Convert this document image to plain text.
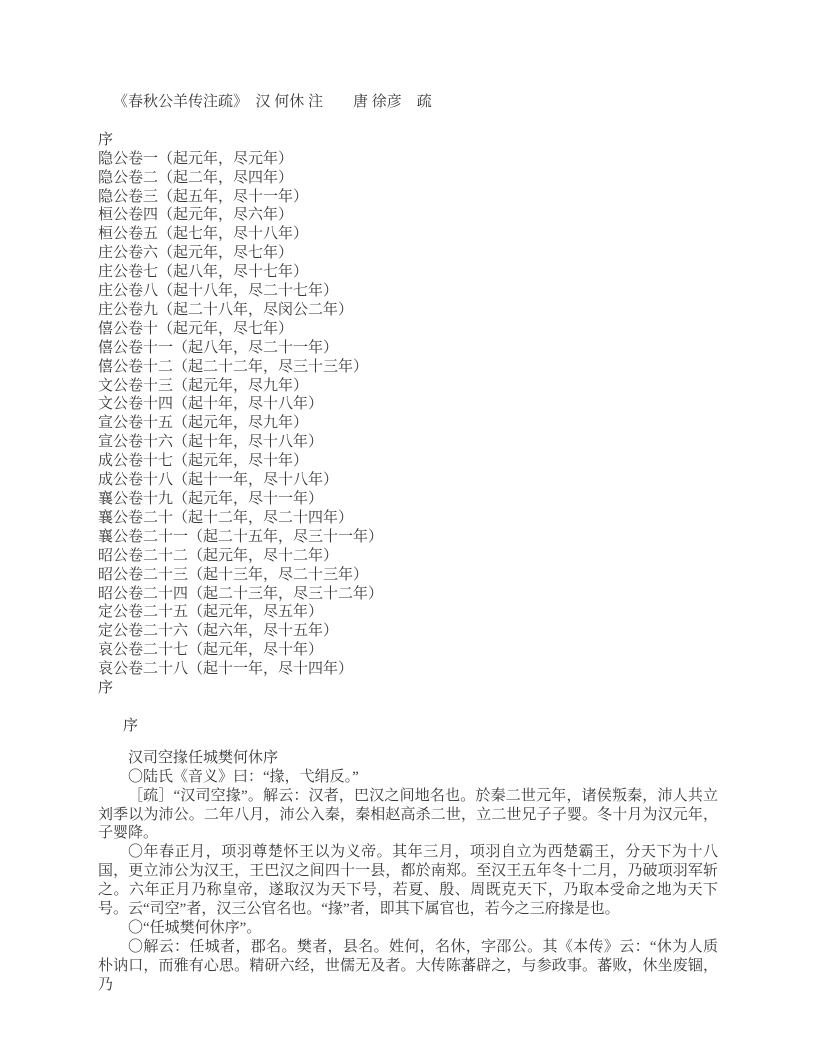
《春秋公羊传注疏》　汉 何休 注　　唐 徐彦　疏
序
隐公卷一（起元年，尽元年）
隐公卷二（起二年，尽四年）
隐公卷三（起五年，尽十一年）
桓公卷四（起元年，尽六年）
桓公卷五（起七年，尽十八年）
庄公卷六（起元年，尽七年）
庄公卷七（起八年，尽十七年）
庄公卷八（起十八年，尽二十七年）
庄公卷九（起二十八年，尽闵公二年）
僖公卷十（起元年，尽七年）
僖公卷十一（起八年，尽二十一年）
僖公卷十二（起二十二年，尽三十三年）
文公卷十三（起元年，尽九年）
文公卷十四（起十年，尽十八年）
宣公卷十五（起元年，尽九年）
宣公卷十六（起十年，尽十八年）
成公卷十七（起元年，尽十年）
成公卷十八（起十一年，尽十八年）
襄公卷十九（起元年，尽十一年）
襄公卷二十（起十二年，尽二十四年）
襄公卷二十一（起二十五年，尽三十一年）
昭公卷二十二（起元年，尽十二年）
昭公卷二十三（起十三年，尽二十三年）
昭公卷二十四（起二十三年，尽三十二年）
定公卷二十五（起元年，尽五年）
定公卷二十六（起六年，尽十五年）
哀公卷二十七（起元年，尽十年）
哀公卷二十八（起十一年，尽十四年）
序
序

汉司空掾任城樊何休序

〇陆氏《音义》曰：“掾，弋绢反。”

［疏］“汉司空掾”。解云：汉者，巴汉之间地名也。於秦二世元年，诸侯叛秦，沛人共立刘季以为沛公。二年八月，沛公入秦，秦相赵高杀二世，立二世兄子子婴。冬十月为汉元年，子婴降。

〇年春正月，项羽尊楚怀王以为义帝。其年三月，项羽自立为西楚霸王，分天下为十八国，更立沛公为汉王，王巴汉之间四十一县，都於南郑。至汉王五年冬十二月，乃破项羽军斩之。六年正月乃称皇帝，遂取汉为天下号，若夏、殷、周既克天下，乃取本受命之地为天下号。云“司空”者，汉三公官名也。“掾”者，即其下属官也，若今之三府掾是也。

〇“任城樊何休序”。

〇解云：任城者，郡名。樊者，县名。姓何，名休，字邵公。其《本传》云：“休为人质朴讷口，而雅有心思。精研六经，世儒无及者。大传陈蕃辟之，与参政事。蕃败，休坐废锢，乃
